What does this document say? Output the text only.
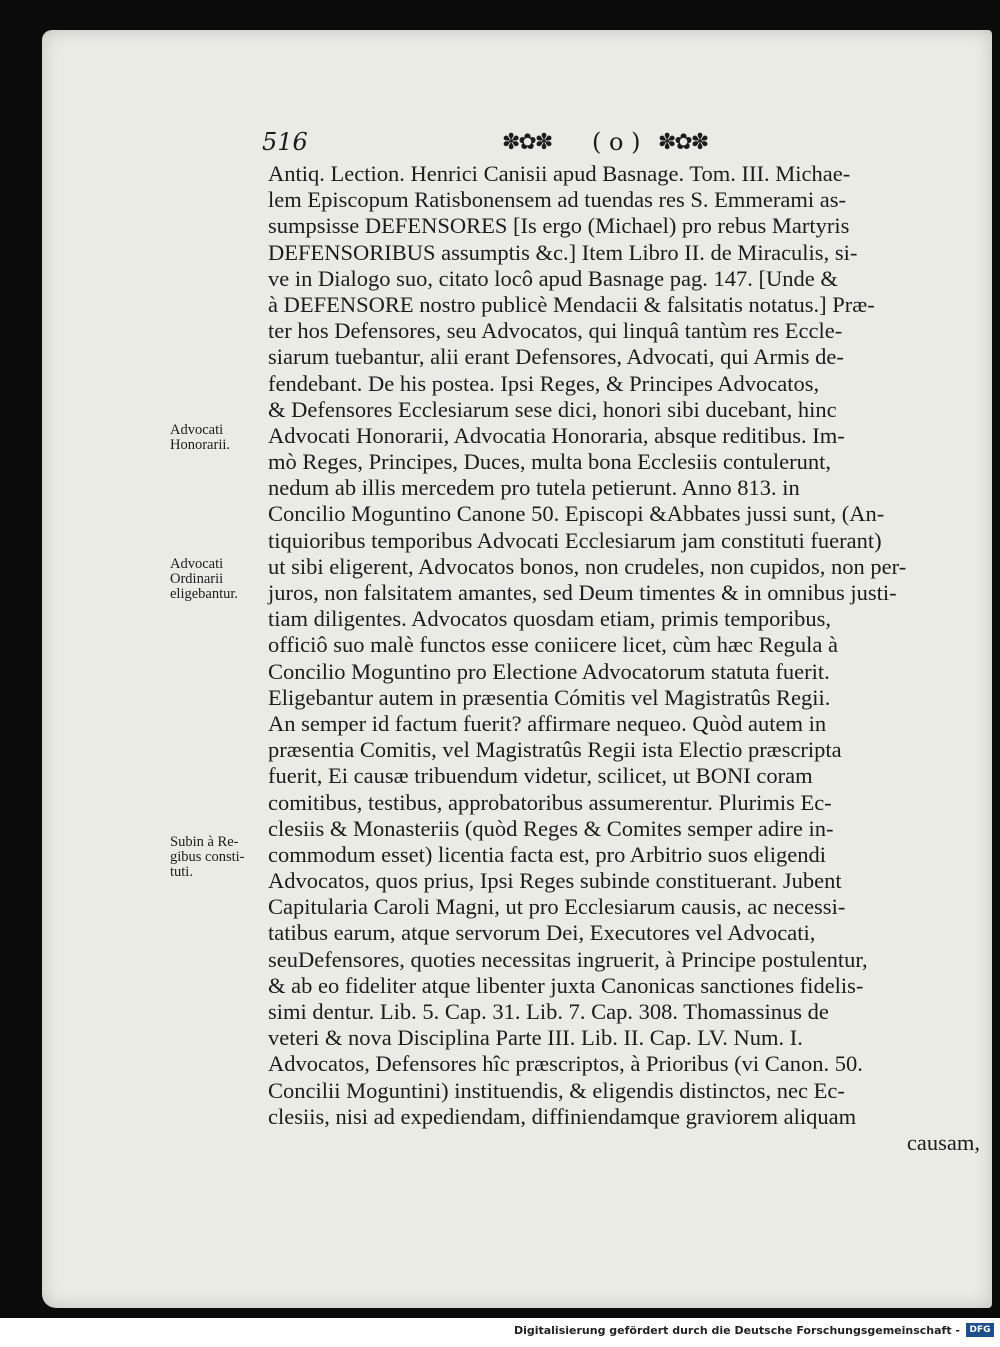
516	✽✿✽ ( o ) ✽✿✽
Advocati
Honorarii.
Advocati
Ordinarii
eligebantur.
Subin à Re-
gibus consti-
tuti.
Antiq. Lection. Henrici Canisii apud Basnage. Tom. III. Michae-
lem Episcopum Ratisbonensem ad tuendas res S. Emmerami as-
sumpsisse DEFENSORES [Is ergo (Michael) pro rebus Martyris
DEFENSORIBUS assumptis &c.] Item Libro II. de Miraculis, si-
ve in Dialogo suo, citato locô apud Basnage pag. 147. [Unde &
à DEFENSORE nostro publicè Mendacii & falsitatis notatus.] Præ-
ter hos Defensores, seu Advocatos, qui linquâ tantùm res Eccle-
siarum tuebantur, alii erant Defensores, Advocati, qui Armis de-
fendebant. De his postea. Ipsi Reges, & Principes Advocatos,
& Defensores Ecclesiarum sese dici, honori sibi ducebant, hinc
Advocati Honorarii, Advocatia Honoraria, absque reditibus. Im-
mò Reges, Principes, Duces, multa bona Ecclesiis contulerunt,
nedum ab illis mercedem pro tutela petierunt. Anno 813. in
Concilio Moguntino Canone 50. Episcopi &Abbates jussi sunt, (An-
tiquioribus temporibus Advocati Ecclesiarum jam constituti fuerant)
ut sibi eligerent, Advocatos bonos, non crudeles, non cupidos, non per-
juros, non falsitatem amantes, sed Deum timentes & in omnibus justi-
tiam diligentes. Advocatos quosdam etiam, primis temporibus,
officiô suo malè functos esse coniicere licet, cùm hæc Regula à
Concilio Moguntino pro Electione Advocatorum statuta fuerit.
Eligebantur autem in præsentia Cómitis vel Magistratûs Regii.
An semper id factum fuerit? affirmare nequeo. Quòd autem in
præsentia Comitis, vel Magistratûs Regii ista Electio præscripta
fuerit, Ei causæ tribuendum videtur, scilicet, ut BONI coram
comitibus, testibus, approbatoribus assumerentur. Plurimis Ec-
clesiis & Monasteriis (quòd Reges & Comites semper adire in-
commodum esset) licentia facta est, pro Arbitrio suos eligendi
Advocatos, quos prius, Ipsi Reges subinde constituerant. Jubent
Capitularia Caroli Magni, ut pro Ecclesiarum causis, ac necessi-
tatibus earum, atque servorum Dei, Executores vel Advocati,
seuDefensores, quoties necessitas ingruerit, à Principe postulentur,
& ab eo fideliter atque libenter juxta Canonicas sanctiones fidelis-
simi dentur. Lib. 5. Cap. 31. Lib. 7. Cap. 308. Thomassinus de
veteri & nova Disciplina Parte III. Lib. II. Cap. LV. Num. I.
Advocatos, Defensores hîc præscriptos, à Prioribus (vi Canon. 50.
Concilii Moguntini) instituendis, & eligendis distinctos, nec Ec-
clesiis, nisi ad expediendam, diffiniendamque graviorem aliquam
causam,
Digitalisierung gefördert durch die Deutsche Forschungsgemeinschaft -	DFG
